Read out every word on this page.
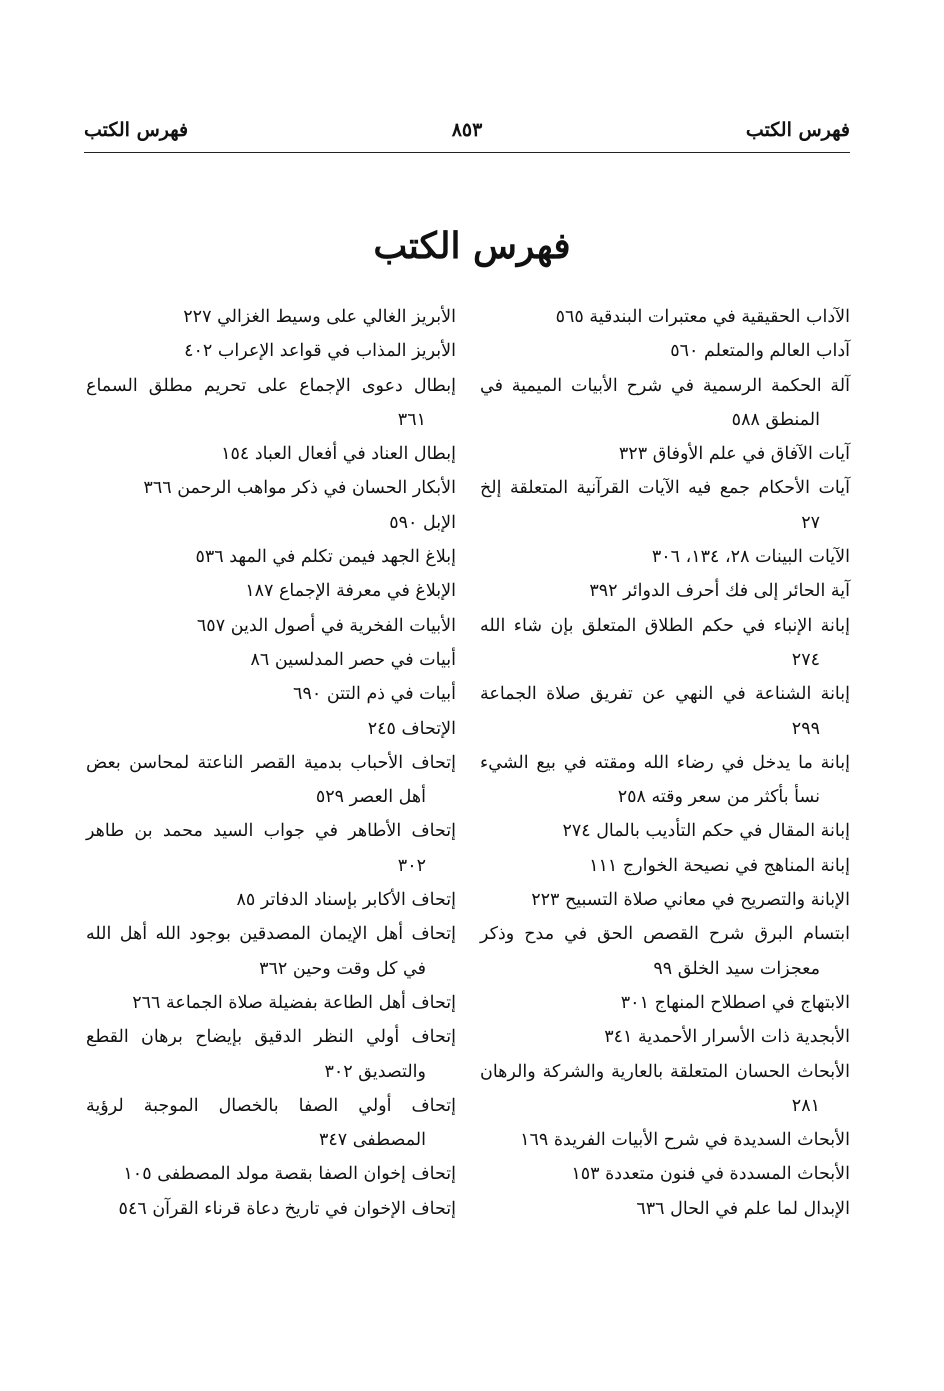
فهرس الكتب
٨٥٣
فهرس الكتب
فهرس الكتب
الآداب الحقيقية في معتبرات البندقية٥٦٥
آداب العالم والمتعلم٥٦٠
آلة الحكمة الرسمية في شرح الأبيات الميمية في المنطق٥٨٨
آيات الآفاق في علم الأوفاق٣٢٣
آيات الأحكام جمع فيه الآيات القرآنية المتعلقة إلخ٢٧
الآيات البينات٢٨، ١٣٤، ٣٠٦
آية الحائر إلى فك أحرف الدوائر٣٩٢
إبانة الإنباء في حكم الطلاق المتعلق بإن شاء الله٢٧٤
إبانة الشناعة في النهي عن تفريق صلاة الجماعة٢٩٩
إبانة ما يدخل في رضاء الله ومقته في بيع الشيء نسأ بأكثر من سعر وقته٢٥٨
إبانة المقال في حكم التأديب بالمال٢٧٤
إبانة المناهج في نصيحة الخوارج١١١
الإبانة والتصريح في معاني صلاة التسبيح٢٢٣
ابتسام البرق شرح القصص الحق في مدح وذكر معجزات سيد الخلق٩٩
الابتهاج في اصطلاح المنهاج٣٠١
الأبجدية ذات الأسرار الأحمدية٣٤١
الأبحاث الحسان المتعلقة بالعارية والشركة والرهان٢٨١
الأبحاث السديدة في شرح الأبيات الفريدة١٦٩
الأبحاث المسددة في فنون متعددة١٥٣
الإبدال لما علم في الحال٦٣٦
الأبريز الغالي على وسيط الغزالي٢٢٧
الأبريز المذاب في قواعد الإعراب٤٠٢
إبطال دعوى الإجماع على تحريم مطلق السماع٣٦١
إبطال العناد في أفعال العباد١٥٤
الأبكار الحسان في ذكر مواهب الرحمن٣٦٦
الإبل٥٩٠
إبلاغ الجهد فيمن تكلم في المهد٥٣٦
الإبلاغ في معرفة الإجماع١٨٧
الأبيات الفخرية في أصول الدين٦٥٧
أبيات في حصر المدلسين٨٦
أبيات في ذم التتن٦٩٠
الإتحاف٢٤٥
إتحاف الأحباب بدمية القصر الناعتة لمحاسن بعض أهل العصر٥٢٩
إتحاف الأطاهر في جواب السيد محمد بن طاهر٣٠٢
إتحاف الأكابر بإسناد الدفاتر٨٥
إتحاف أهل الإيمان المصدقين بوجود الله أهل الله في كل وقت وحين٣٦٢
إتحاف أهل الطاعة بفضيلة صلاة الجماعة٢٦٦
إتحاف أولي النظر الدقيق بإيضاح برهان القطع والتصديق٣٠٢
إتحاف أولي الصفا بالخصال الموجبة لرؤية المصطفى٣٤٧
إتحاف إخوان الصفا بقصة مولد المصطفى١٠٥
إتحاف الإخوان في تاريخ دعاة قرناء القرآن٥٤٦
